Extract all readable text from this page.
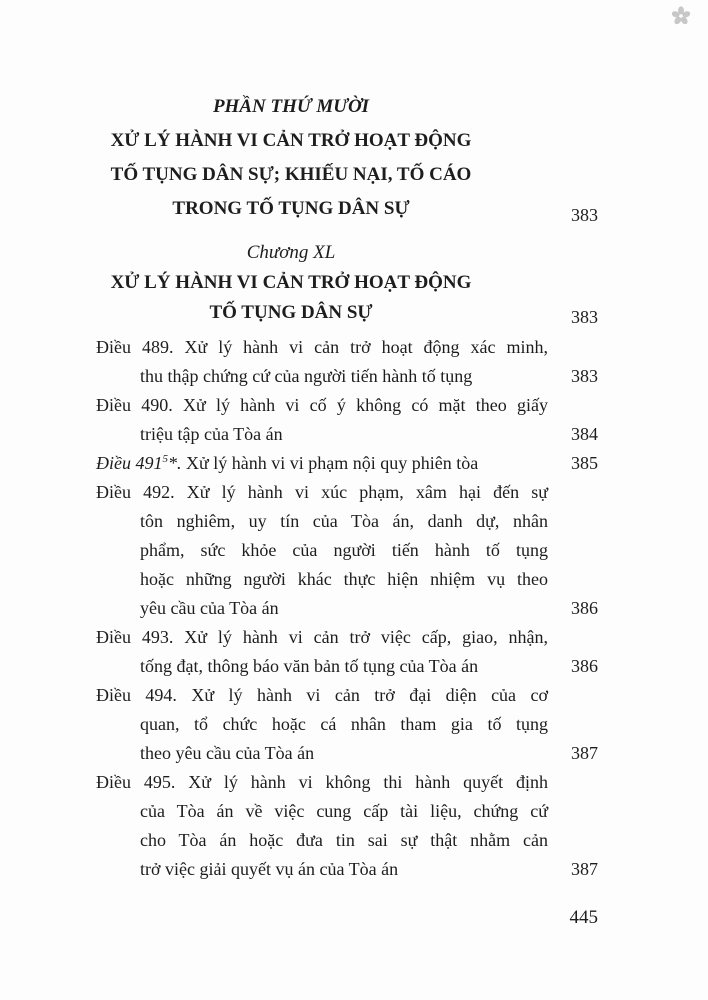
PHẦN THỨ MƯỜI
XỬ LÝ HÀNH VI CẢN TRỞ HOẠT ĐỘNG
TỐ TỤNG DÂN SỰ; KHIẾU NẠI, TỐ CÁO
TRONG TỐ TỤNG DÂN SỰ	383
Chương XL
XỬ LÝ HÀNH VI CẢN TRỞ HOẠT ĐỘNG
TỐ TỤNG DÂN SỰ	383
Điều 489. Xử lý hành vi cản trở hoạt động xác minh,
thu thập chứng cứ của người tiến hành tố tụng	383
Điều 490. Xử lý hành vi cố ý không có mặt theo giấy
triệu tập của Tòa án	384
Điều $491^5*$. Xử lý hành vi vi phạm nội quy phiên tòa	385
Điều 492. Xử lý hành vi xúc phạm, xâm hại đến sự
tôn nghiêm, uy tín của Tòa án, danh dự, nhân
phẩm, sức khỏe của người tiến hành tố tụng
hoặc những người khác thực hiện nhiệm vụ theo
yêu cầu của Tòa án	386
Điều 493. Xử lý hành vi cản trở việc cấp, giao, nhận,
tống đạt, thông báo văn bản tố tụng của Tòa án	386
Điều 494. Xử lý hành vi cản trở đại diện của cơ
quan, tổ chức hoặc cá nhân tham gia tố tụng
theo yêu cầu của Tòa án	387
Điều 495. Xử lý hành vi không thi hành quyết định
của Tòa án về việc cung cấp tài liệu, chứng cứ
cho Tòa án hoặc đưa tin sai sự thật nhằm cản
trở việc giải quyết vụ án của Tòa án	387
445
